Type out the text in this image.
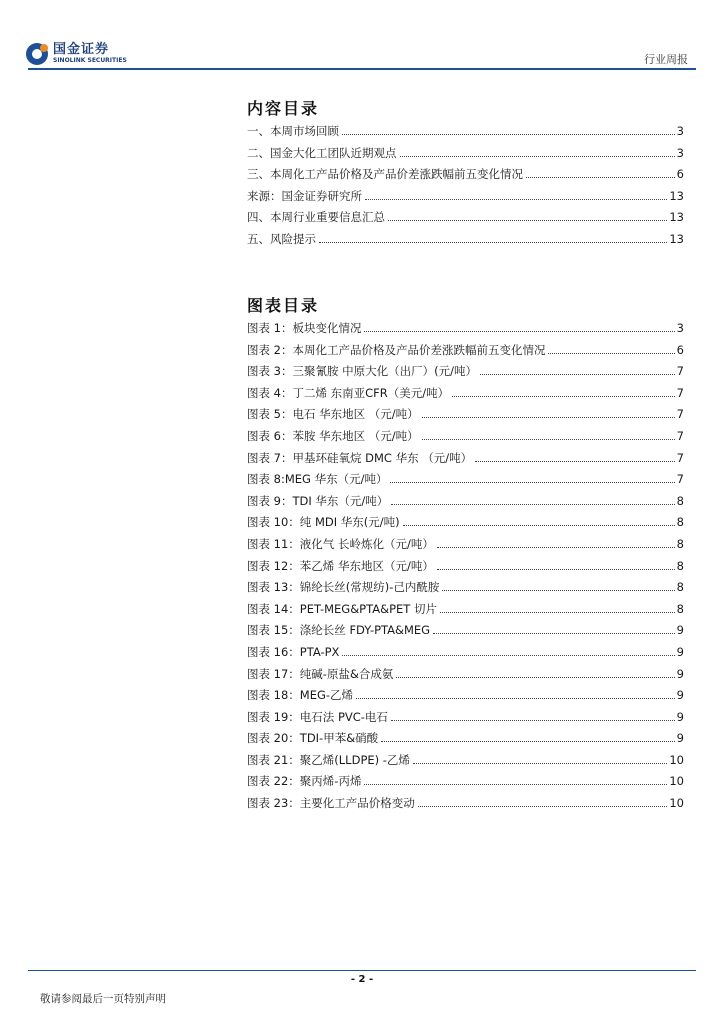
国金证券
SINOLINK SECURITIES	行业周报
内容目录
一、本周市场回顾	3
二、国金大化工团队近期观点	3
三、本周化工产品价格及产品价差涨跌幅前五变化情况	6
来源：国金证券研究所	13
四、本周行业重要信息汇总	13
五、风险提示	13
图表目录
图表 1：板块变化情况	3
图表 2：本周化工产品价格及产品价差涨跌幅前五变化情况	6
图表 3：三聚氰胺 中原大化（出厂）(元/吨）	7
图表 4：丁二烯 东南亚CFR（美元/吨）	7
图表 5：电石 华东地区 （元/吨）	7
图表 6：苯胺 华东地区 （元/吨）	7
图表 7：甲基环硅氧烷 DMC 华东 （元/吨）	7
图表 8:MEG 华东（元/吨）	7
图表 9：TDI 华东（元/吨）	8
图表 10：纯 MDI 华东(元/吨)	8
图表 11：液化气 长岭炼化（元/吨）	8
图表 12：苯乙烯 华东地区（元/吨）	8
图表 13：锦纶长丝(常规纺)-己内酰胺	8
图表 14：PET-MEG&PTA&PET 切片	8
图表 15：涤纶长丝 FDY-PTA&MEG	9
图表 16：PTA-PX	9
图表 17：纯碱-原盐&合成氨	9
图表 18：MEG-乙烯	9
图表 19：电石法 PVC-电石	9
图表 20：TDI-甲苯&硝酸	9
图表 21：聚乙烯(LLDPE) -乙烯	10
图表 22：聚丙烯-丙烯	10
图表 23：主要化工产品价格变动	10
- 2 -
敬请参阅最后一页特别声明
